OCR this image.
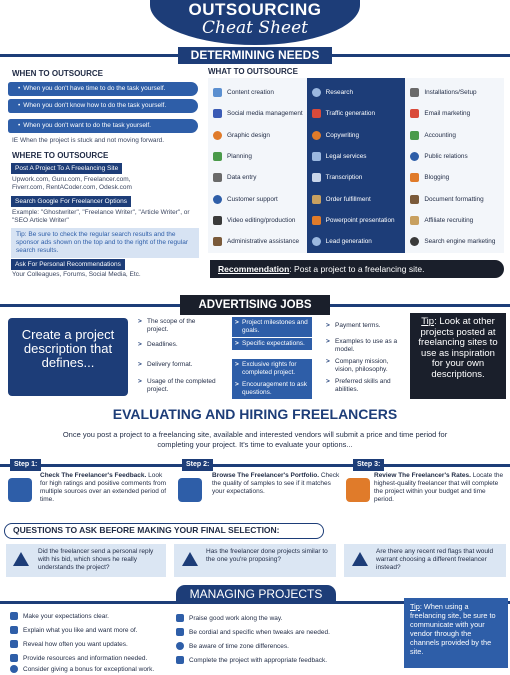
OUTSOURCING
Cheat Sheet
DETERMINING NEEDS
WHEN TO OUTSOURCE
• When you don't have time to do the task yourself.
• When you don't know how to do the task yourself.
• When you don't want to do the task yourself.
IE When the project is stuck and not moving forward.
WHERE TO OUTSOURCE
Post A Project To A Freelancing Site
Upwork.com, Guru.com, Freelancer.com, Fiverr.com, RentACoder.com, Odesk.com
Search Google For Freelancer Options
Example: "Ghostwriter", "Freelance Writer", "Article Writer", or "SEO Article Writer"
Tip: Be sure to check the regular search results and the sponsor ads shown on the top and to the right of the regular search results.
Ask For Personal Recommendations
Your Colleagues, Forums, Social Media, Etc.
WHAT TO OUTSOURCE
Content creation
Social media management
Graphic design
Planning
Data entry
Customer support
Video editing/production
Administrative assistance
Research
Traffic generation
Copywriting
Legal services
Transcription
Order fulfillment
Powerpoint presentation
Lead generation
Installations/Setup
Email marketing
Accounting
Public relations
Blogging
Document formatting
Affiliate recruiting
Search engine marketing
Recommendation: Post a project to a freelancing site.
ADVERTISING JOBS
Create a project description that defines...
> The scope of the project.
> Deadlines.
> Delivery format.
> Usage of the completed project.
> Project milestones and goals.
> Specific expectations.
> Exclusive rights for completed project.
> Encouragement to ask questions.
> Payment terms.
> Examples to use as a model.
> Company mission, vision, philosophy.
> Preferred skills and abilities.
Tip: Look at other projects posted at freelancing sites to use as inspiration for your own descriptions.
EVALUATING AND HIRING FREELANCERS
Once you post a project to a freelancing site, available and interested vendors will submit a price and time period for completing your project. It's time to evaluate your options...
Step 1:	Step 2:	Step 3:
Check The Freelancer's Feedback. Look for high ratings and positive comments from multiple sources over an extended period of time.
Browse The Freelancer's Portfolio. Check the quality of samples to see if it matches your expectations.
Review The Freelancer's Rates. Locate the highest-quality freelancer that will complete the project within your budget and time period.
QUESTIONS TO ASK BEFORE MAKING YOUR FINAL SELECTION:
Did the freelancer send a personal reply with his bid, which shows he really understands the project?
Has the freelancer done projects similar to the one you're proposing?
Are there any recent red flags that would warrant choosing a different freelancer instead?
MANAGING PROJECTS
Make your expectations clear.
Explain what you like and want more of.
Reveal how often you want updates.
Provide resources and information needed.
Consider giving a bonus for exceptional work.
Praise good work along the way.
Be cordial and specific when tweaks are needed.
Be aware of time zone differences.
Complete the project with appropriate feedback.
Tip: When using a freelancing site, be sure to communicate with your vendor through the channels provided by the site.
